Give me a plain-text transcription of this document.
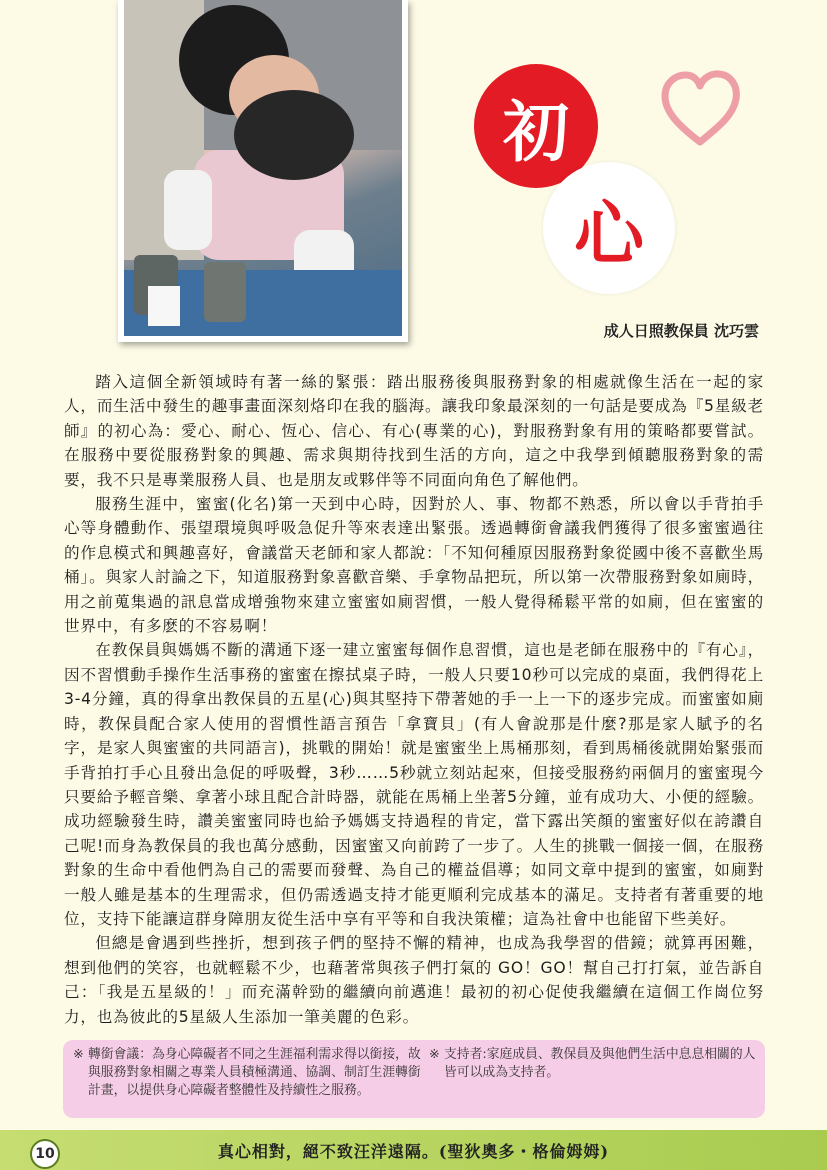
初
心
成人日照教保員 沈巧雲

踏入這個全新領域時有著一絲的緊張：踏出服務後與服務對象的相處就像生活在一起的家人，而生活中發生的趣事畫面深刻烙印在我的腦海。讓我印象最深刻的一句話是要成為『5星級老師』的初心為：愛心、耐心、恆心、信心、有心(專業的心)，對服務對象有用的策略都要嘗試。在服務中要從服務對象的興趣、需求與期待找到生活的方向，這之中我學到傾聽服務對象的需要，我不只是專業服務人員、也是朋友或夥伴等不同面向角色了解他們。

服務生涯中，蜜蜜(化名)第一天到中心時，因對於人、事、物都不熟悉，所以會以手背拍手心等身體動作、張望環境與呼吸急促升等來表達出緊張。透過轉銜會議我們獲得了很多蜜蜜過往的作息模式和興趣喜好，會議當天老師和家人都說：「不知何種原因服務對象從國中後不喜歡坐馬桶」。與家人討論之下，知道服務對象喜歡音樂、手拿物品把玩，所以第一次帶服務對象如廁時，用之前蒐集過的訊息當成增強物來建立蜜蜜如廁習慣，一般人覺得稀鬆平常的如廁，但在蜜蜜的世界中，有多麽的不容易啊！

在教保員與媽媽不斷的溝通下逐一建立蜜蜜每個作息習慣，這也是老師在服務中的『有心』，因不習慣動手操作生活事務的蜜蜜在擦拭桌子時，一般人只要10秒可以完成的桌面，我們得花上3-4分鐘，真的得拿出教保員的五星(心)與其堅持下帶著她的手一上一下的逐步完成。而蜜蜜如廁時，教保員配合家人使用的習慣性語言預告「拿寶貝」(有人會說那是什麼?那是家人賦予的名字，是家人與蜜蜜的共同語言)，挑戰的開始！就是蜜蜜坐上馬桶那刻，看到馬桶後就開始緊張而手背拍打手心且發出急促的呼吸聲，3秒……5秒就立刻站起來，但接受服務約兩個月的蜜蜜現今只要給予輕音樂、拿著小球且配合計時器，就能在馬桶上坐著5分鐘，並有成功大、小便的經驗。成功經驗發生時，讚美蜜蜜同時也給予媽媽支持過程的肯定，當下露出笑顏的蜜蜜好似在誇讚自己呢!而身為教保員的我也萬分感動，因蜜蜜又向前跨了一步了。人生的挑戰一個接一個，在服務對象的生命中看他們為自己的需要而發聲、為自己的權益倡導；如同文章中提到的蜜蜜，如廁對一般人雖是基本的生理需求，但仍需透過支持才能更順利完成基本的滿足。支持者有著重要的地位，支持下能讓這群身障朋友從生活中享有平等和自我決策權；這為社會中也能留下些美好。

但總是會遇到些挫折，想到孩子們的堅持不懈的精神，也成為我學習的借鏡；就算再困難，想到他們的笑容，也就輕鬆不少，也藉著常與孩子們打氣的 GO！GO！幫自己打打氣，並告訴自己：「我是五星級的！」而充滿幹勁的繼續向前邁進！最初的初心促使我繼續在這個工作崗位努力，也為彼此的5星級人生添加一筆美麗的色彩。

※ 轉銜會議：為身心障礙者不同之生涯福利需求得以銜接，故與服務對象相關之專業人員積極溝通、協調、制訂生涯轉銜計畫，以提供身心障礙者整體性及持續性之服務。
※ 支持者:家庭成員、教保員及與他們生活中息息相關的人皆可以成為支持者。
10	真心相對，絕不致汪洋遠隔。(聖狄奧多・格倫姆姆)
